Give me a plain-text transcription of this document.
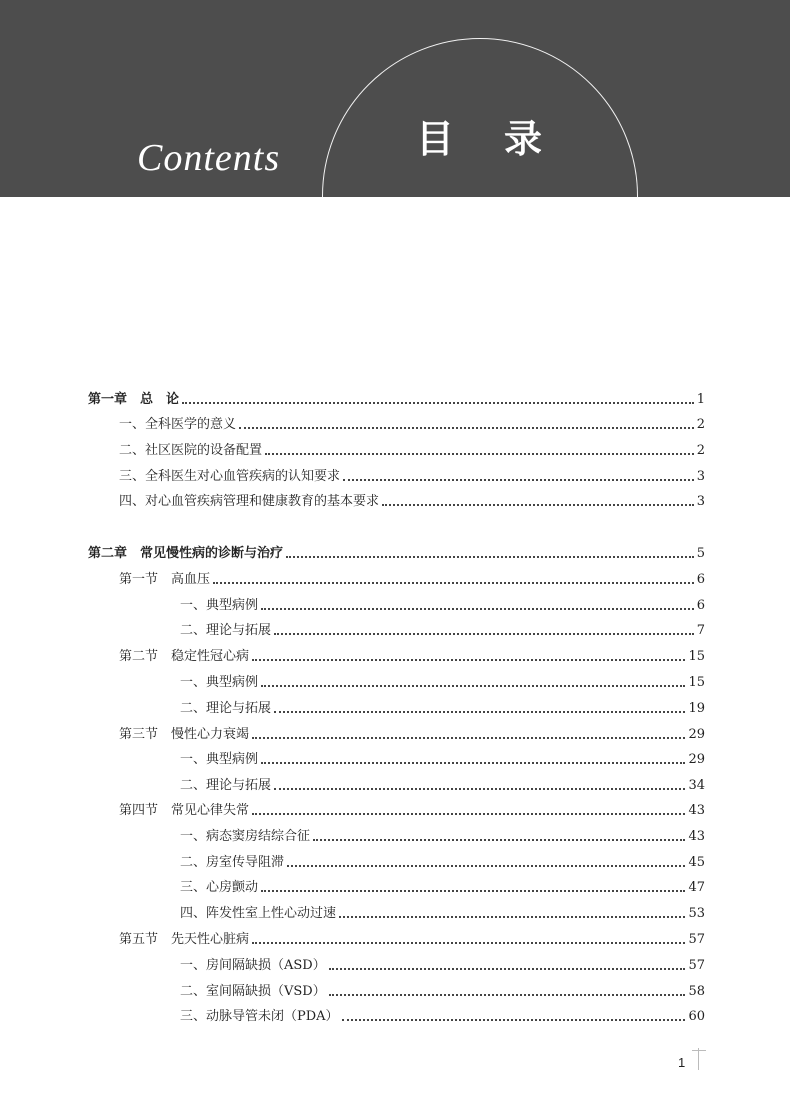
Contents	目录
第一章　总　论	1
一、全科医学的意义	2
二、社区医院的设备配置	2
三、全科医生对心血管疾病的认知要求	3
四、对心血管疾病管理和健康教育的基本要求	3
第二章　常见慢性病的诊断与治疗	5
第一节　高血压	6
一、典型病例	6
二、理论与拓展	7
第二节　稳定性冠心病	15
一、典型病例	15
二、理论与拓展	19
第三节　慢性心力衰竭	29
一、典型病例	29
二、理论与拓展	34
第四节　常见心律失常	43
一、病态窦房结综合征	43
二、房室传导阻滞	45
三、心房颤动	47
四、阵发性室上性心动过速	53
第五节　先天性心脏病	57
一、房间隔缺损（ASD）	57
二、室间隔缺损（VSD）	58
三、动脉导管未闭（PDA）	60
1
